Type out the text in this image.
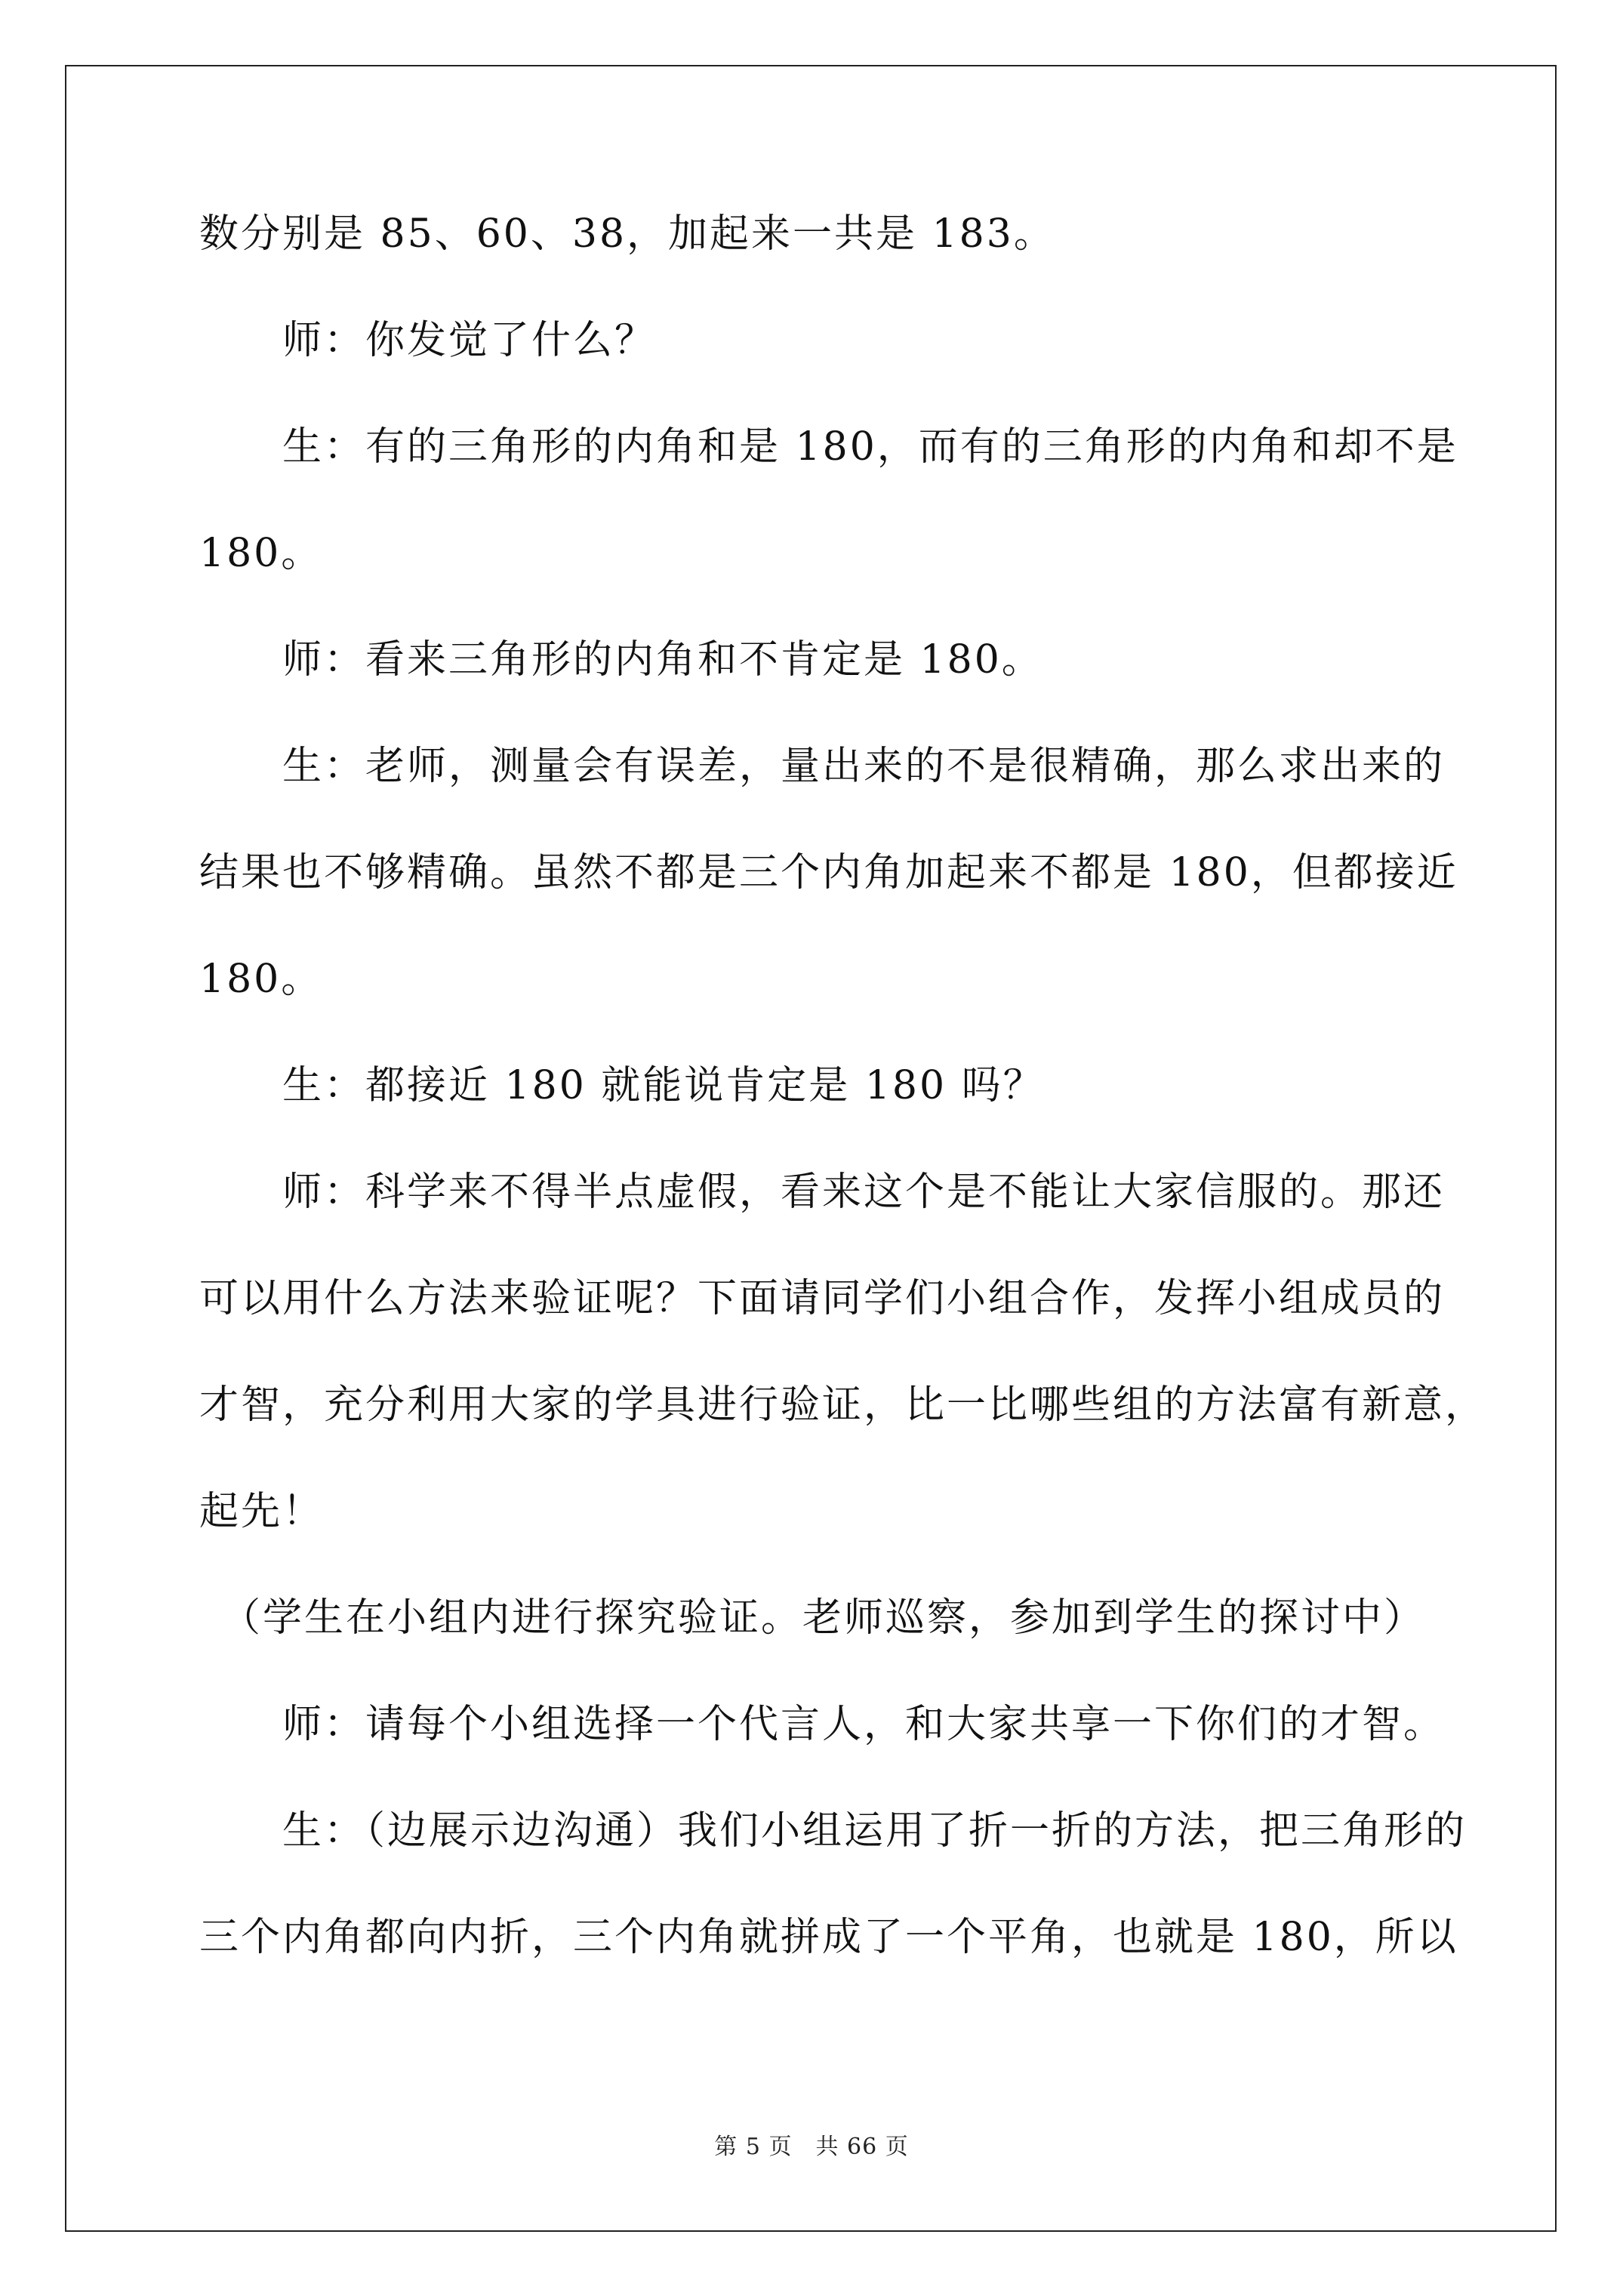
数分别是 85、60、38，加起来一共是 183。
　　师：你发觉了什么？
　　生：有的三角形的内角和是 180，而有的三角形的内角和却不是
180。
　　师：看来三角形的内角和不肯定是 180。
　　生：老师，测量会有误差，量出来的不是很精确，那么求出来的
结果也不够精确。虽然不都是三个内角加起来不都是 180，但都接近
180。
　　生：都接近 180 就能说肯定是 180 吗？
　　师：科学来不得半点虚假，看来这个是不能让大家信服的。那还
可以用什么方法来验证呢？下面请同学们小组合作，发挥小组成员的
才智，充分利用大家的学具进行验证，比一比哪些组的方法富有新意，
起先！
　（学生在小组内进行探究验证。老师巡察，参加到学生的探讨中）
　　师：请每个小组选择一个代言人，和大家共享一下你们的才智。
　　生：（边展示边沟通）我们小组运用了折一折的方法，把三角形的
三个内角都向内折，三个内角就拼成了一个平角，也就是 180，所以
第 5 页　共 66 页
